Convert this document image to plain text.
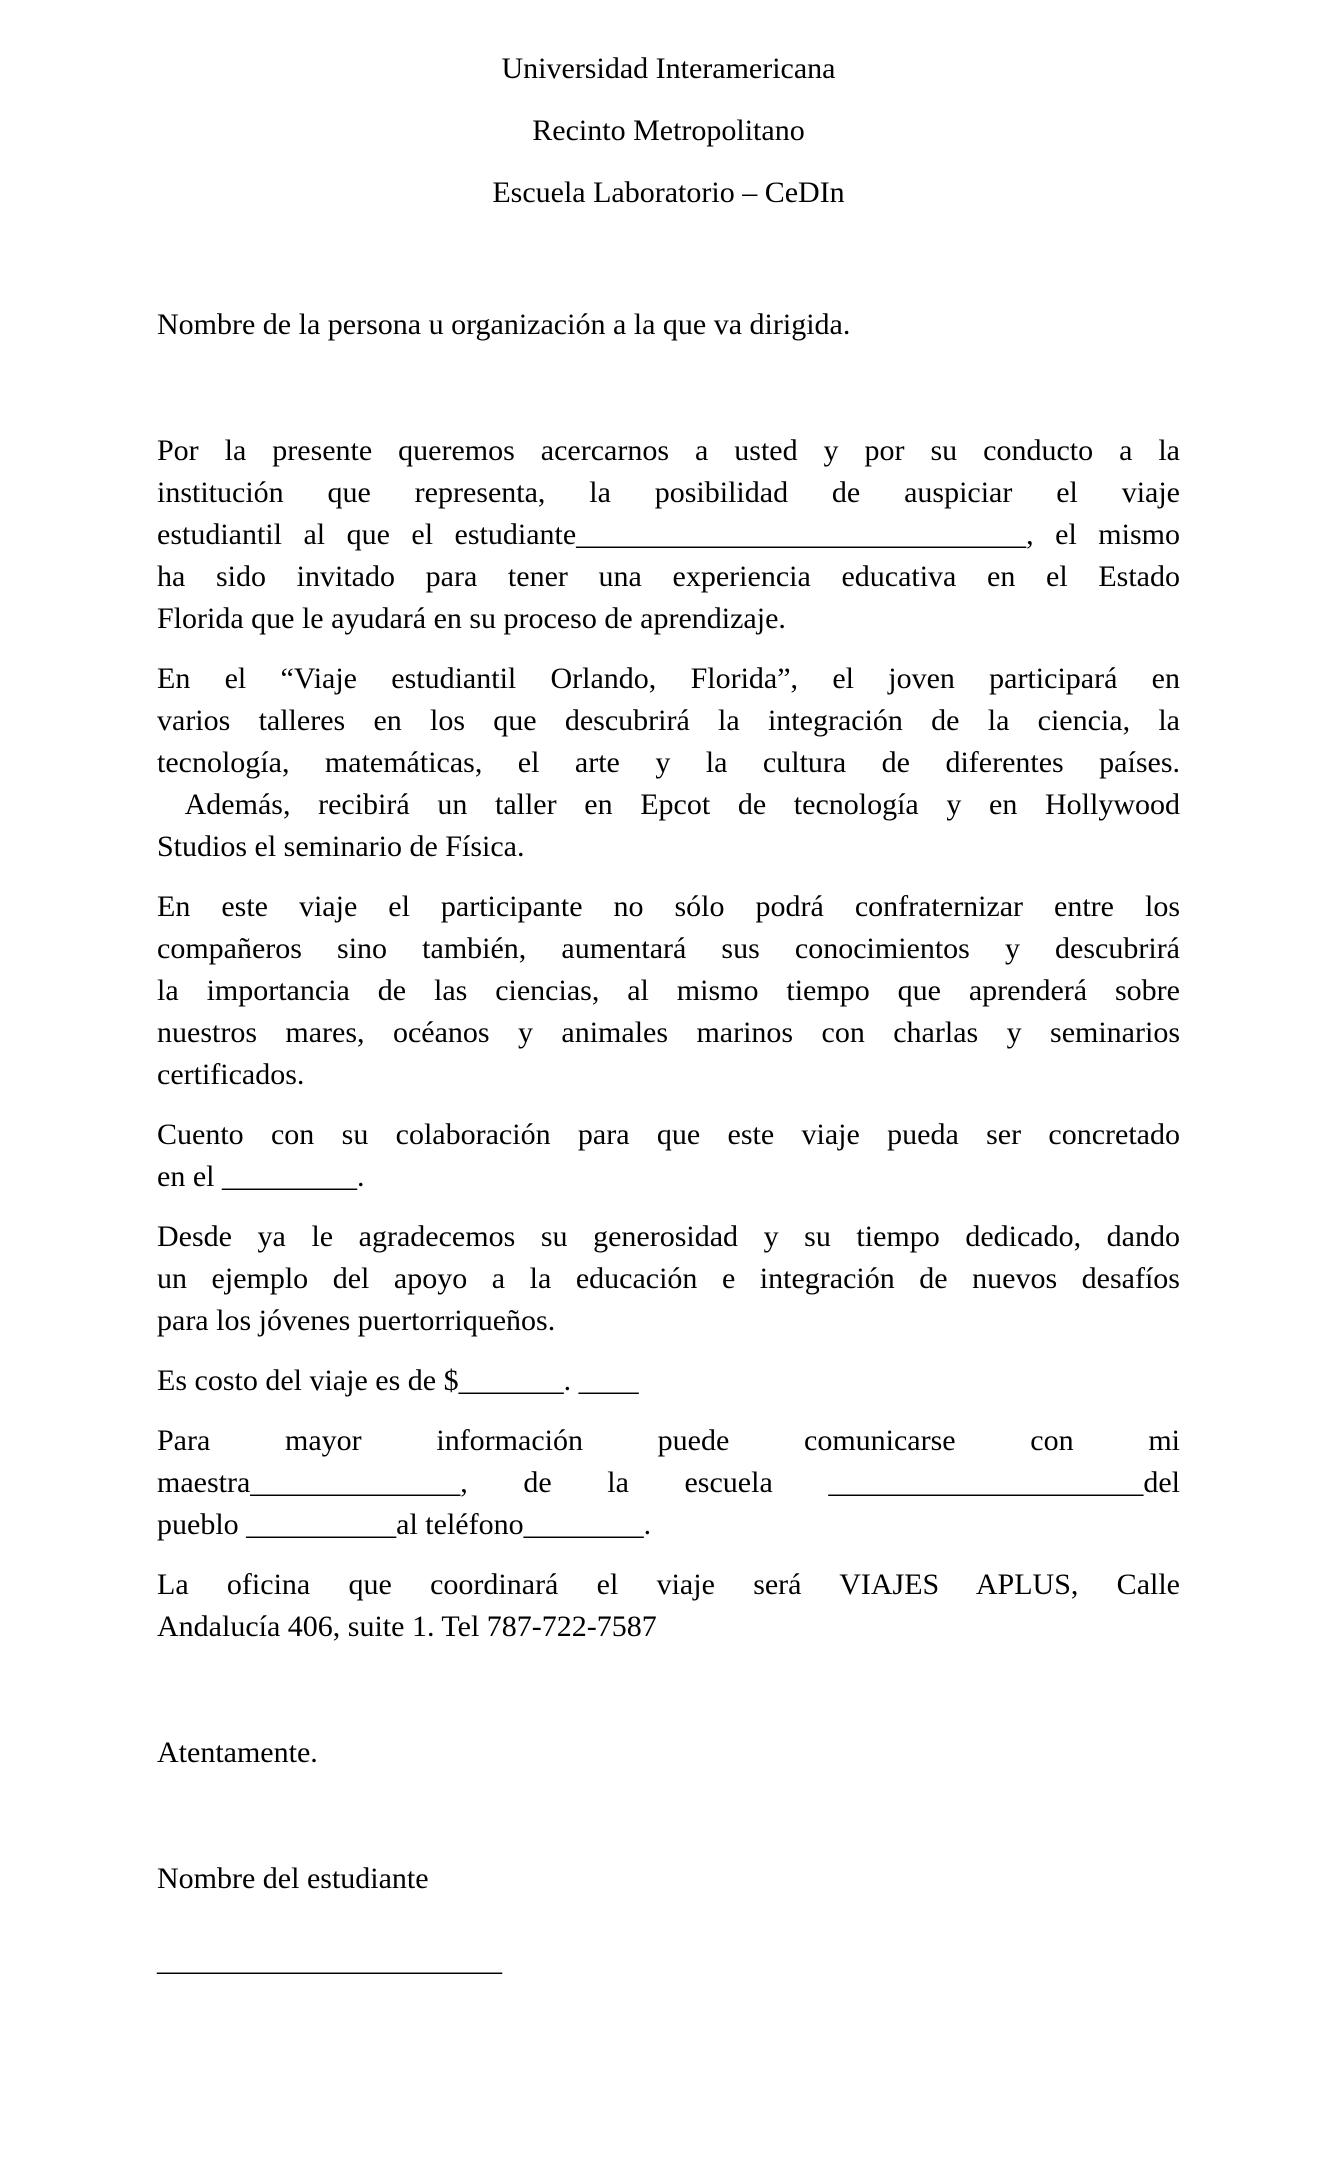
Universidad Interamericana
Recinto Metropolitano
Escuela Laboratorio – CeDIn

Nombre de la persona u organización a la que va dirigida.

Por la presente queremos acercarnos a usted y por su conducto a la
institución que representa, la posibilidad de auspiciar el viaje
estudiantil al que el estudiante______________________________, el mismo
ha sido invitado para tener una experiencia educativa en el Estado
Florida que le ayudará en su proceso de aprendizaje.
En el “Viaje estudiantil Orlando, Florida”, el joven participará en
varios talleres en los que descubrirá la integración de la ciencia, la
tecnología, matemáticas, el arte y la cultura de diferentes países.
Además, recibirá un taller en Epcot de tecnología y en Hollywood
Studios el seminario de Física.
En este viaje el participante no sólo podrá confraternizar entre los
compañeros sino también, aumentará sus conocimientos y descubrirá
la importancia de las ciencias, al mismo tiempo que aprenderá sobre
nuestros mares, océanos y animales marinos con charlas y seminarios
certificados.
Cuento con su colaboración para que este viaje pueda ser concretado
en el _________.
Desde ya le agradecemos su generosidad y su tiempo dedicado, dando
un ejemplo del apoyo a la educación e integración de nuevos desafíos
para los jóvenes puertorriqueños.
Es costo del viaje es de $_______. ____
Para mayor información puede comunicarse con mi
maestra______________, de la escuela _____________________del
pueblo __________al teléfono________.
La oficina que coordinará el viaje será VIAJES APLUS, Calle
Andalucía 406, suite 1. Tel 787-722-7587

Atentamente.

Nombre del estudiante

_______________________
